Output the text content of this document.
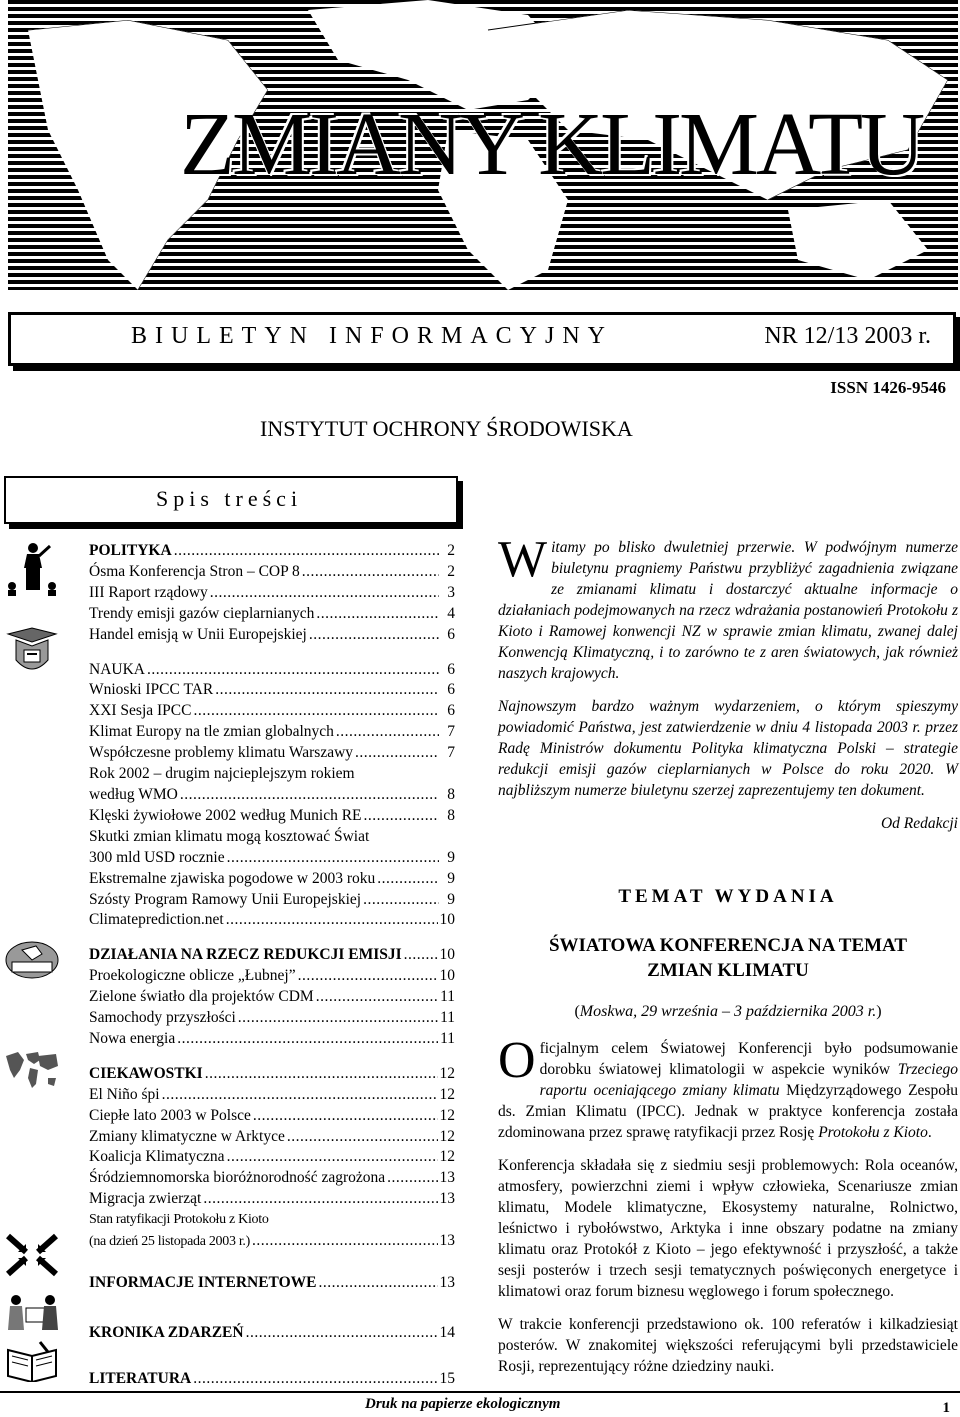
ZMIANY KLIMATU
BIULETYN INFORMACYJNY	NR 12/13 2003 r.
ISSN 1426-9546
INSTYTUT OCHRONY ŚRODOWISKA
Spis treści
POLITYKA .....	2
Ósma Konferencja Stron – COP 8 .....	2
III Raport rządowy .....	3
Trendy emisji gazów cieplarnianych .....	4
Handel emisją w Unii Europejskiej .....	6
NAUKA .....	6
Wnioski IPCC TAR .....	6
XXI Sesja IPCC .....	6
Klimat Europy na tle zmian globalnych .....	7
Współczesne problemy klimatu Warszawy .....	7
Rok 2002 – drugim najcieplejszym rokiem
według WMO .....	8
Klęski żywiołowe 2002 według Munich RE .....	8
Skutki zmian klimatu mogą kosztować Świat
300 mld USD rocznie .....	9
Ekstremalne zjawiska pogodowe w 2003 roku .....	9
Szósty Program Ramowy Unii Europejskiej .....	9
Climateprediction.net .....	10
DZIAŁANIA NA RZECZ REDUKCJI EMISJI ..... 10
Proekologiczne oblicze „Łubnej” .....	10
Zielone światło dla projektów CDM .....	11
Samochody przyszłości .....	11
Nowa energia .....	11
CIEKAWOSTKI .....	12
El Niño śpi .....	12
Ciepłe lato 2003 w Polsce .....	12
Zmiany klimatyczne w Arktyce .....	12
Koalicja Klimatyczna .....	12
Śródziemnomorska bioróżnorodność zagrożona .....	13
Migracja zwierząt .....	13
Stan ratyfikacji Protokołu z Kioto
(na dzień 25 listopada 2003 r.) .....	13
INFORMACJE INTERNETOWE .....	13
KRONIKA ZDARZEŃ .....	14
LITERATURA .....	15

Witamy po blisko dwuletniej przerwie. W podwójnym numerze biuletynu pragniemy Państwu przybliżyć zagadnienia związane ze zmianami klimatu i dostarczyć aktualne informacje o działaniach podejmowanych na rzecz wdrażania postanowień Protokołu z Kioto i Ramowej konwencji NZ w sprawie zmian klimatu, zwanej dalej Konwencją Klimatyczną, i to zarówno te z aren światowych, jak również naszych krajowych.

Najnowszym bardzo ważnym wydarzeniem, o którym spieszymy powiadomić Państwa, jest zatwierdzenie w dniu 4 listopada 2003 r. przez Radę Ministrów dokumentu Polityka klimatyczna Polski – strategie redukcji emisji gazów cieplarnianych w Polsce do roku 2020. W najbliższym numerze biuletynu szerzej zaprezentujemy ten dokument.

Od Redakcji
TEMAT WYDANIA
ŚWIATOWA KONFERENCJA NA TEMAT
ZMIAN KLIMATU
(Moskwa, 29 września – 3 października 2003 r.)

Oficjalnym celem Światowej Konferencji było podsumowanie dorobku światowej klimatologii w aspekcie wyników Trzeciego raportu oceniającego zmiany klimatu Międzyrządowego Zespołu ds. Zmian Klimatu (IPCC). Jednak w praktyce konferencja została zdominowana przez sprawę ratyfikacji przez Rosję Protokołu z Kioto.

Konferencja składała się z siedmiu sesji problemowych: Rola oceanów, atmosfery, powierzchni ziemi i wpływ człowieka, Scenariusze zmian klimatu, Modele klimatyczne, Ekosystemy naturalne, Rolnictwo, leśnictwo i rybołówstwo, Arktyka i inne obszary podatne na zmiany klimatu oraz Protokół z Kioto – jego efektywność i przyszłość, a także sesji posterów i trzech sesji tematycznych poświęconych energetyce i klimatowi oraz forum biznesu węglowego i forum społecznego.

W trakcie konferencji przedstawiono ok. 100 referatów i kilkadziesiąt posterów. W znakomitej większości referującymi byli przedstawiciele Rosji, reprezentujący różne dziedziny nauki.

Druk na papierze ekologicznym	1
